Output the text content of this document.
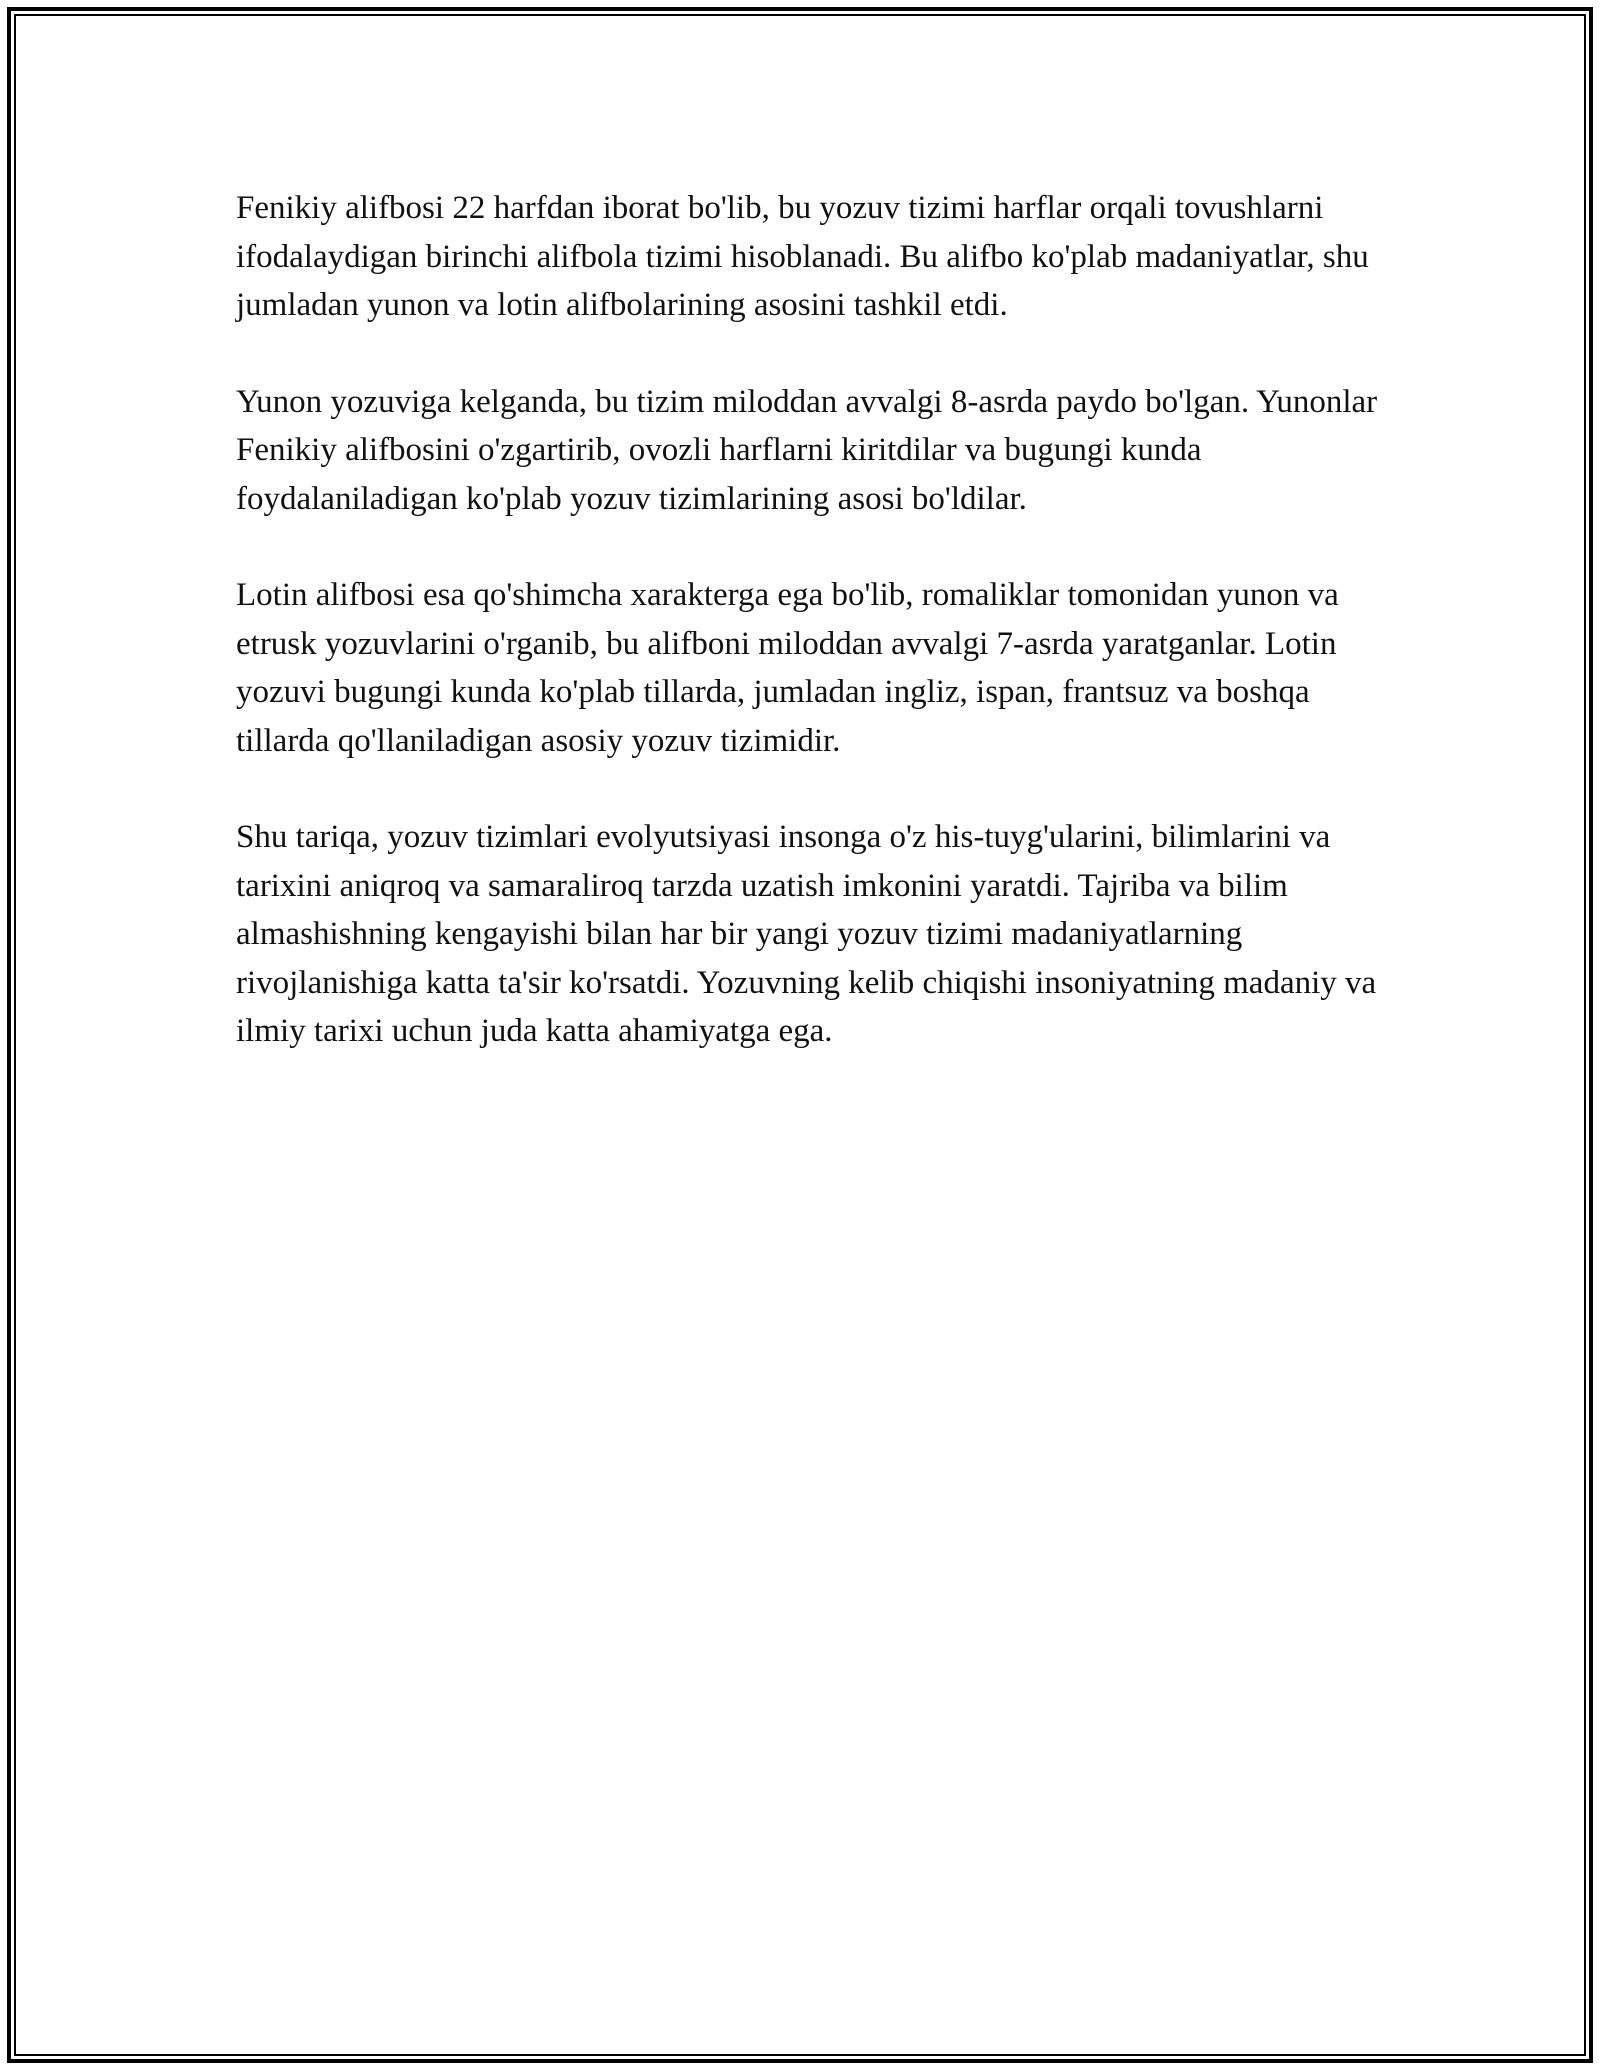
Fenikiy alifbosi 22 harfdan iborat bo'lib, bu yozuv tizimi harflar orqali tovushlarni ifodalaydigan birinchi alifbola tizimi hisoblanadi. Bu alifbo ko'plab madaniyatlar, shu jumladan yunon va lotin alifbolarining asosini tashkil etdi.

Yunon yozuviga kelganda, bu tizim miloddan avvalgi 8-asrda paydo bo'lgan. Yunonlar Fenikiy alifbosini o'zgartirib, ovozli harflarni kiritdilar va bugungi kunda foydalaniladigan ko'plab yozuv tizimlarining asosi bo'ldilar.

Lotin alifbosi esa qo'shimcha xarakterga ega bo'lib, romaliklar tomonidan yunon va etrusk yozuvlarini o'rganib, bu alifboni miloddan avvalgi 7-asrda yaratganlar. Lotin yozuvi bugungi kunda ko'plab tillarda, jumladan ingliz, ispan, frantsuz va boshqa tillarda qo'llaniladigan asosiy yozuv tizimidir.

Shu tariqa, yozuv tizimlari evolyutsiyasi insonga o'z his-tuyg'ularini, bilimlarini va tarixini aniqroq va samaraliroq tarzda uzatish imkonini yaratdi. Tajriba va bilim almashishning kengayishi bilan har bir yangi yozuv tizimi madaniyatlarning rivojlanishiga katta ta'sir ko'rsatdi. Yozuvning kelib chiqishi insoniyatning madaniy va ilmiy tarixi uchun juda katta ahamiyatga ega.
